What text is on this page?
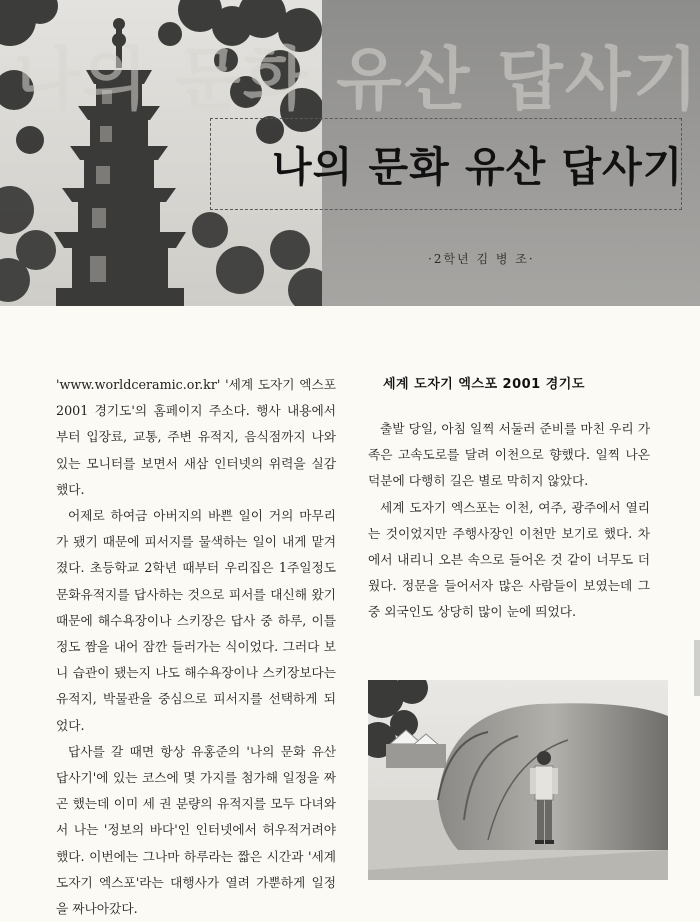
나의 문화 유산 답사기
나의 문화 유산 답사기
·2학년 김 병 조·

'www.worldceramic.or.kr' '세계 도자기 엑스포 2001 경기도'의 홈페이지 주소다. 행사 내용에서부터 입장료, 교통, 주변 유적지, 음식점까지 나와있는 모니터를 보면서 새삼 인터넷의 위력을 실감했다.

어제로 하여금 아버지의 바쁜 일이 거의 마무리가 됐기 때문에 피서지를 물색하는 일이 내게 맡겨졌다. 초등학교 2학년 때부터 우리집은 1주일정도 문화유적지를 답사하는 것으로 피서를 대신해 왔기 때문에 해수욕장이나 스키장은 답사 중 하루, 이틀 정도 짬을 내어 잠깐 들러가는 식이었다. 그러다 보니 습관이 됐는지 나도 해수욕장이나 스키장보다는 유적지, 박물관을 중심으로 피서지를 선택하게 되었다.

답사를 갈 때면 항상 유홍준의 '나의 문화 유산 답사기'에 있는 코스에 몇 가지를 첨가해 일정을 짜곤 했는데 이미 세 권 분량의 유적지를 모두 다녀와서 나는 '정보의 바다'인 인터넷에서 허우적거려야 했다. 이번에는 그나마 하루라는 짧은 시간과 '세계 도자기 엑스포'라는 대행사가 열려 가뿐하게 일정을 짜나아갔다.

세계 도자기 엑스포 2001 경기도

출발 당일, 아침 일찍 서둘러 준비를 마친 우리 가족은 고속도로를 달려 이천으로 향했다. 일찍 나온 덕분에 다행히 길은 별로 막히지 않았다.

세계 도자기 엑스포는 이천, 여주, 광주에서 열리는 것이었지만 주행사장인 이천만 보기로 했다. 차에서 내리니 오븐 속으로 들어온 것 같이 너무도 더웠다. 정문을 들어서자 많은 사람들이 보였는데 그 중 외국인도 상당히 많이 눈에 띄었다.
